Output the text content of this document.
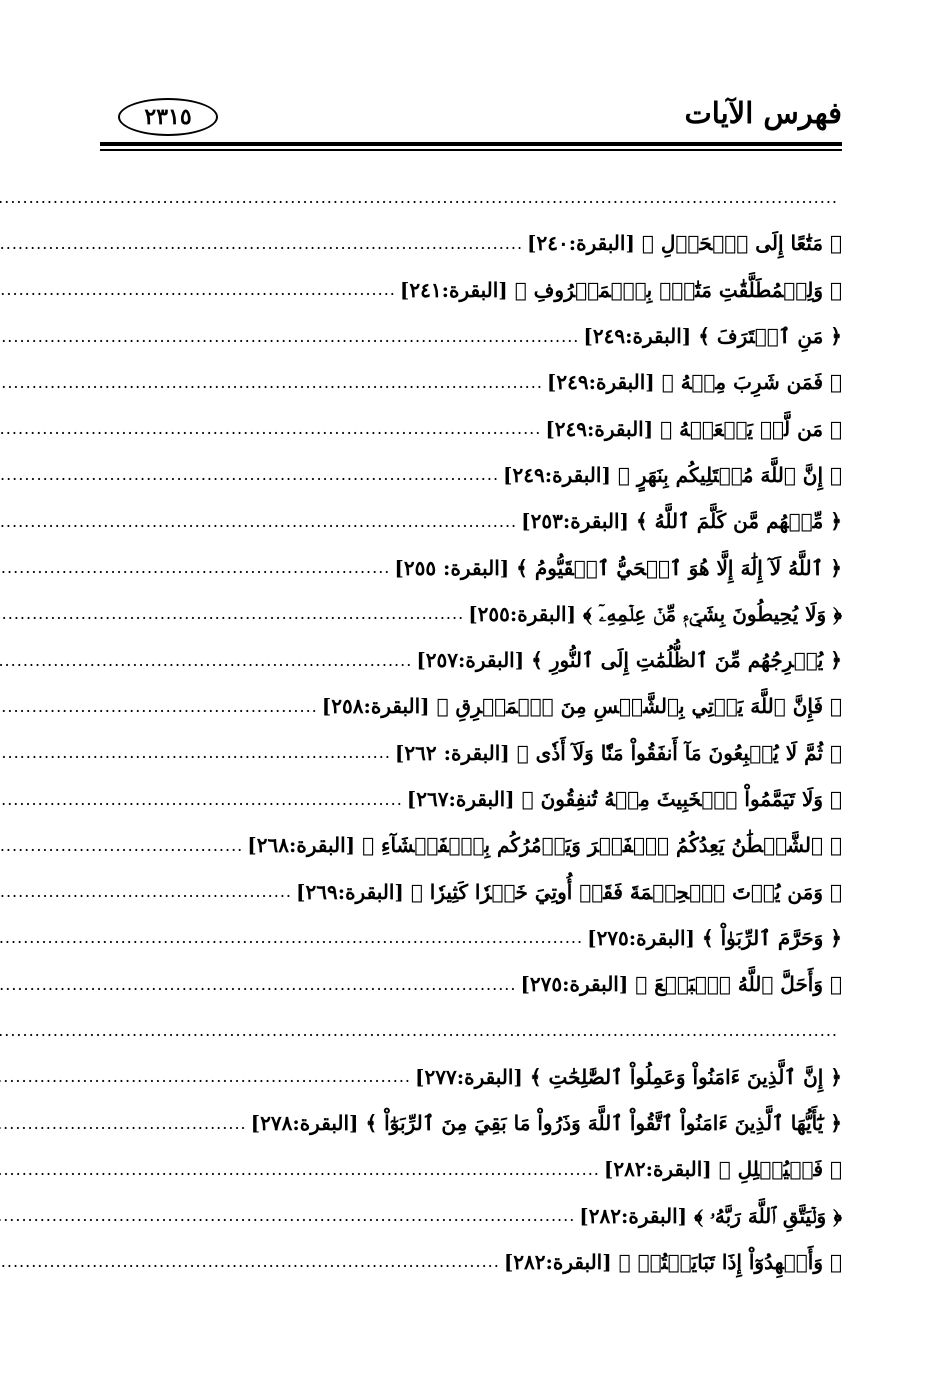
فهرس الآيات
٢٣١٥
.....
﴿ مَتَٰعًا إِلَى ٱلۡحَوۡلِ ﴾ [البقرة:٢٤٠]
.....
﴿ وَلِلۡمُطَلَّقَٰتِ مَتَٰعُۢ بِٱلۡمَعۡرُوفِ ﴾ [البقرة:٢٤١]
.....
﴿ مَنِ ٱغۡتَرَفَ ﴾ [البقرة:٢٤٩]
.....
﴿ فَمَن شَرِبَ مِنۡهُ ﴾ [البقرة:٢٤٩]
.....
﴿ مَن لَّمۡ يَطۡعَمۡهُ ﴾ [البقرة:٢٤٩]
.....
﴿ إِنَّ ٱللَّهَ مُبۡتَلِيكُم بِنَهَرٍ ﴾ [البقرة:٢٤٩]
.....
﴿ مِّنۡهُم مَّن كَلَّمَ ٱللَّهُ ﴾ [البقرة:٢٥٣]
.....
﴿ ٱللَّهُ لَآ إِلَٰهَ إِلَّا هُوَ ٱلۡحَيُّ ٱلۡقَيُّومُ ﴾ [البقرة: ٢٥٥]
.....
﴿ وَلَا يُحِيطُونَ بِشَيۡءٖ مِّنۡ عِلۡمِهِۦٓ ﴾ [البقرة:٢٥٥]
.....
﴿ يُخۡرِجُهُم مِّنَ ٱلظُّلُمَٰتِ إِلَى ٱلنُّورِ ﴾ [البقرة:٢٥٧]
.....
﴿ فَإِنَّ ٱللَّهَ يَأۡتِي بِٱلشَّمۡسِ مِنَ ٱلۡمَشۡرِقِ ﴾ [البقرة:٢٥٨]
.....
﴿ ثُمَّ لَا يُتۡبِعُونَ مَآ أَنفَقُواْ مَنّٗا وَلَآ أَذٗى ﴾ [البقرة: ٢٦٢]
.....
﴿ وَلَا تَيَمَّمُواْ ٱلۡخَبِيثَ مِنۡهُ تُنفِقُونَ ﴾ [البقرة:٢٦٧]
.....
﴿ ٱلشَّيۡطَٰنُ يَعِدُكُمُ ٱلۡفَقۡرَ وَيَأۡمُرُكُم بِٱلۡفَحۡشَآءِ ﴾ [البقرة:٢٦٨]
.....
﴿ وَمَن يُؤۡتَ ٱلۡحِكۡمَةَ فَقَدۡ أُوتِيَ خَيۡرٗا كَثِيرٗا ﴾ [البقرة:٢٦٩]
.....
﴿ وَحَرَّمَ ٱلرِّبَوٰاْ ﴾ [البقرة:٢٧٥]
.....
﴿ وَأَحَلَّ ٱللَّهُ ٱلۡبَيۡعَ ﴾ [البقرة:٢٧٥]
.....
.....
﴿ إِنَّ ٱلَّذِينَ ءَامَنُواْ وَعَمِلُواْ ٱلصَّٰلِحَٰتِ ﴾ [البقرة:٢٧٧]
.....
﴿ يَٰٓأَيُّهَا ٱلَّذِينَ ءَامَنُواْ ٱتَّقُواْ ٱللَّهَ وَذَرُواْ مَا بَقِيَ مِنَ ٱلرِّبَوٰٓاْ ﴾ [البقرة:٢٧٨]
.....
﴿ فَلۡيُمۡلِلِ ﴾ [البقرة:٢٨٢]
.....
﴿ وَلۡيَتَّقِ ٱللَّهَ رَبَّهُۥ ﴾ [البقرة:٢٨٢]
.....
﴿ وَأَشۡهِدُوٓاْ إِذَا تَبَايَعۡتُمۡ ﴾ [البقرة:٢٨٢]
.....
